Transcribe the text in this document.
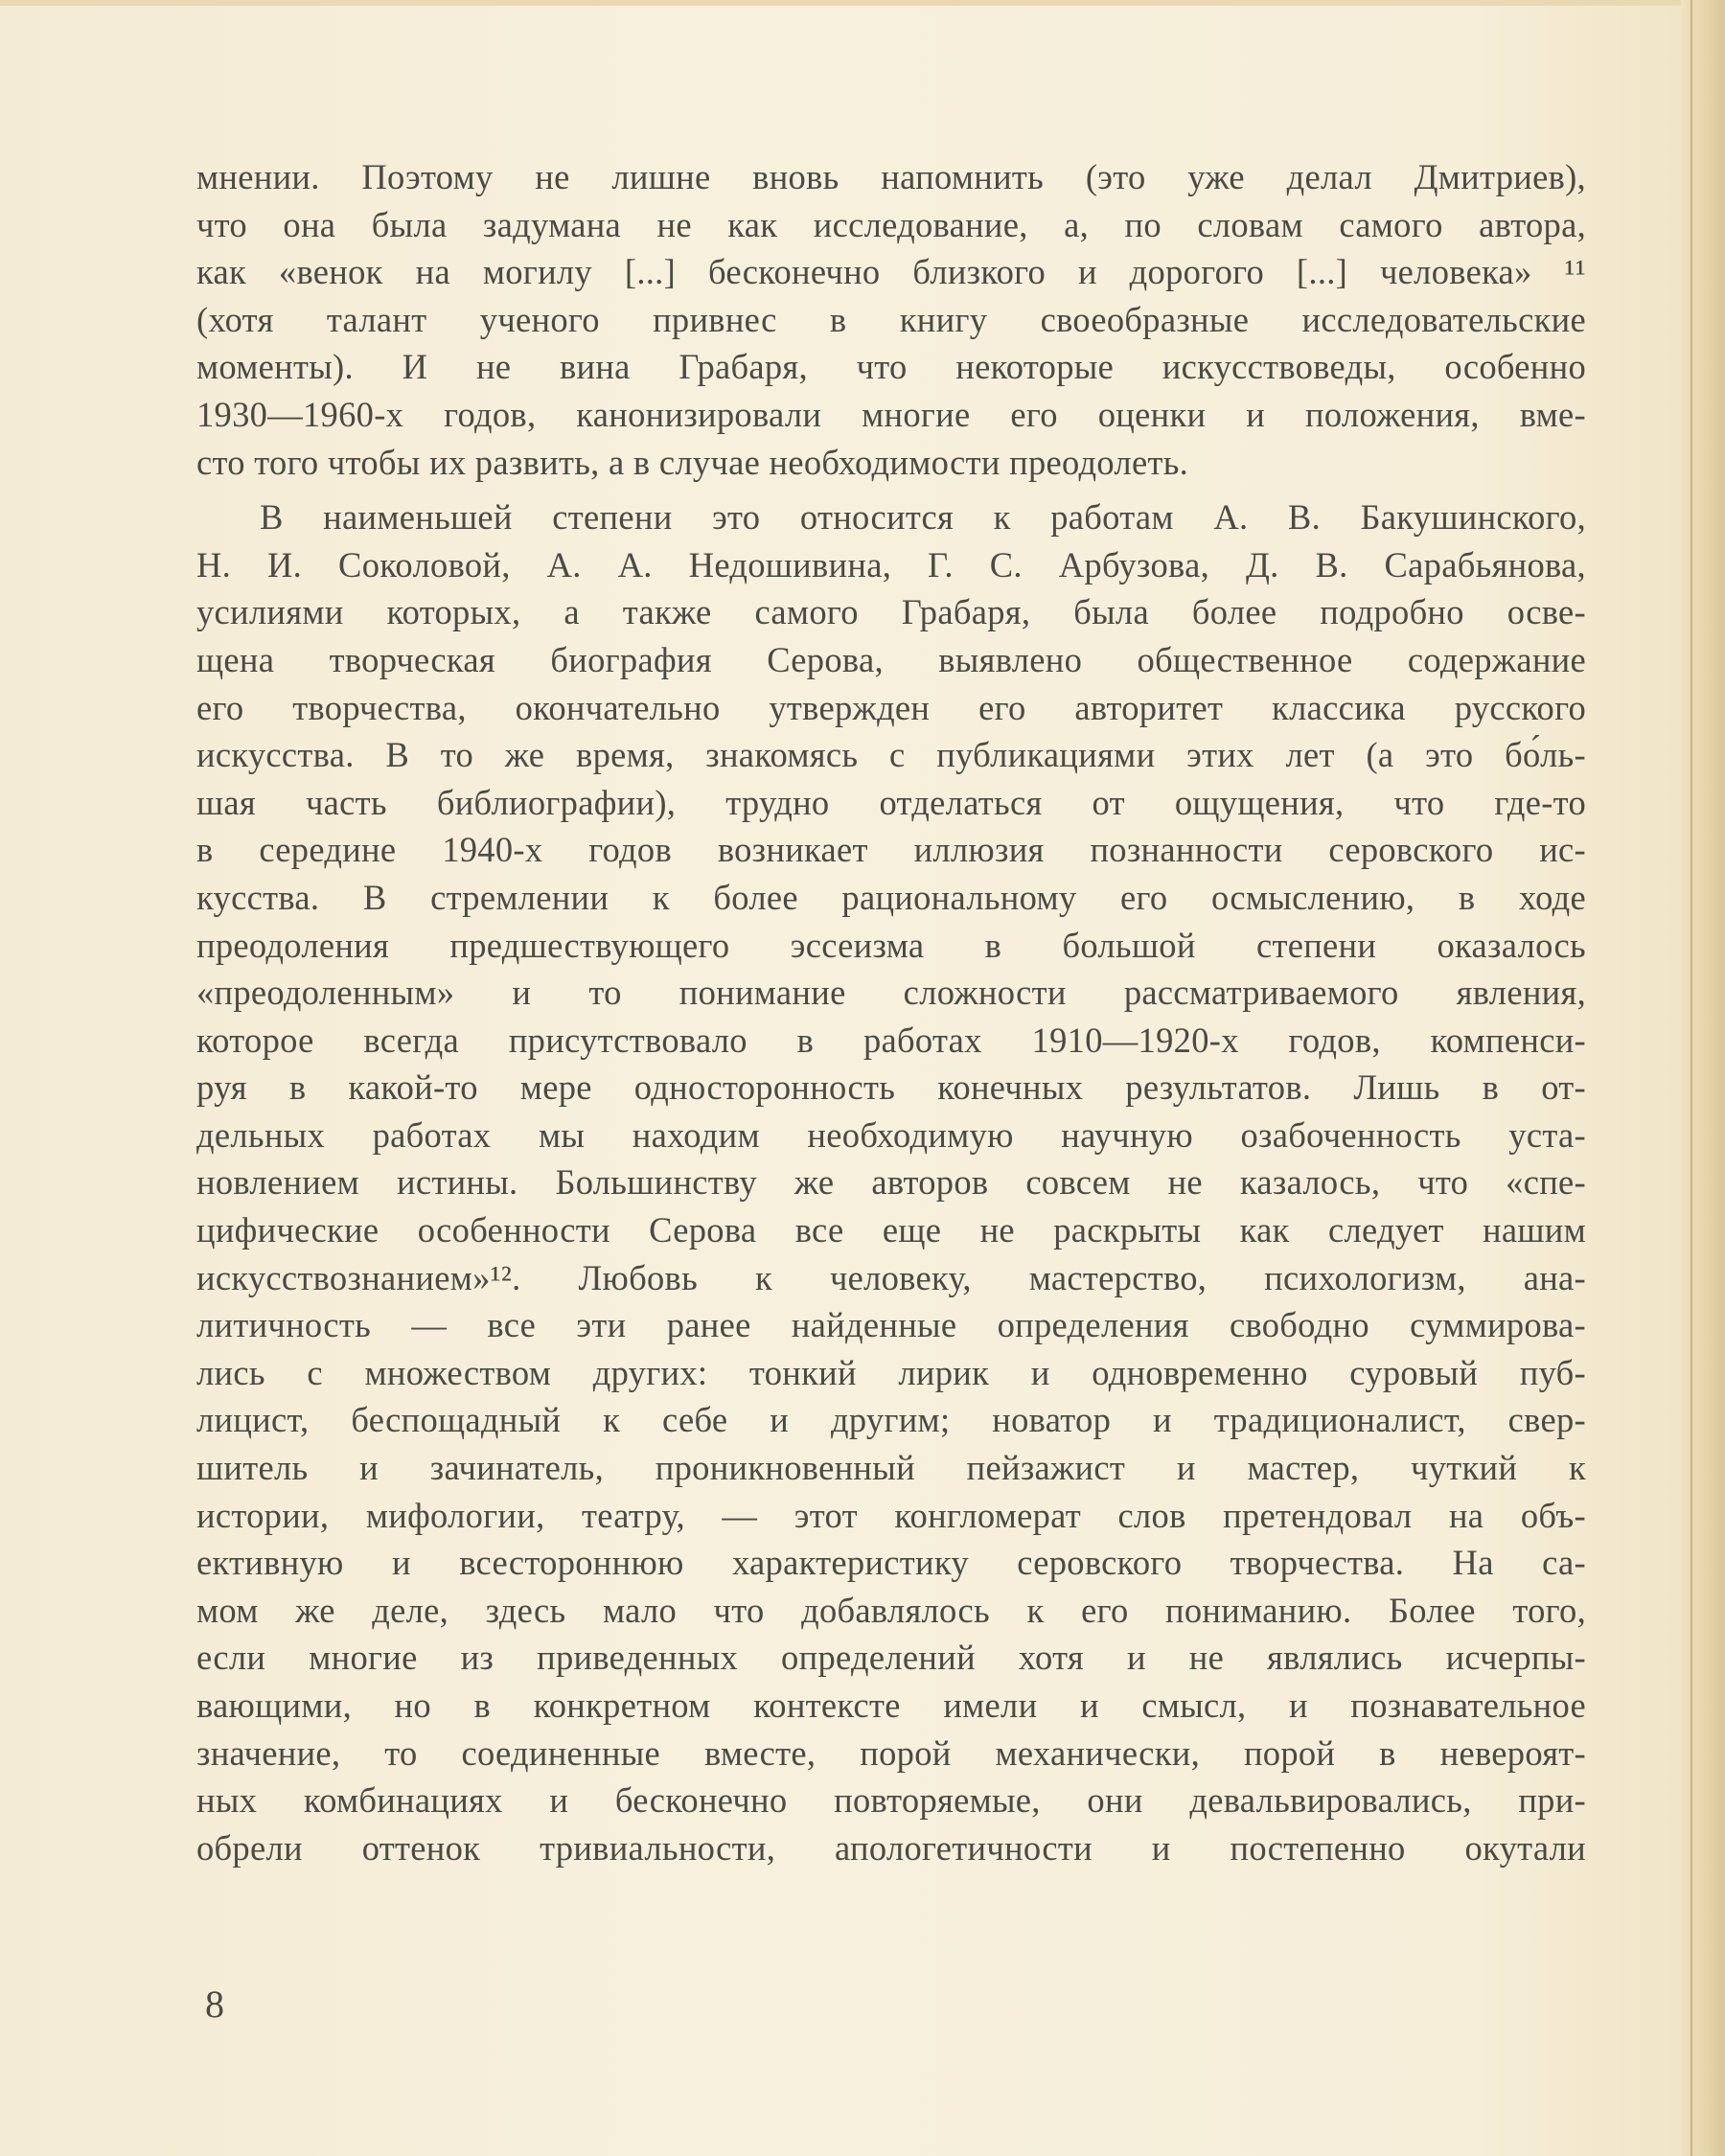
мнении. Поэтому не лишне вновь напомнить (это уже делал Дмитриев),
что она была задумана не как исследование, а, по словам самого автора,
как «венок на могилу [...] бесконечно близкого и дорогого [...] человека» ¹¹
(хотя талант ученого привнес в книгу своеобразные исследовательские
моменты). И не вина Грабаря, что некоторые искусствоведы, особенно
1930—1960-х годов, канонизировали многие его оценки и положения, вме-
сто того чтобы их развить, а в случае необходимости преодолеть.
В наименьшей степени это относится к работам А. В. Бакушинского,
Н. И. Соколовой, А. А. Недошивина, Г. С. Арбузова, Д. В. Сарабьянова,
усилиями которых, а также самого Грабаря, была более подробно осве-
щена творческая биография Серова, выявлено общественное содержание
его творчества, окончательно утвержден его авторитет классика русского
искусства. В то же время, знакомясь с публикациями этих лет (а это бо́ль-
шая часть библиографии), трудно отделаться от ощущения, что где-то
в середине 1940-х годов возникает иллюзия познанности серовского ис-
кусства. В стремлении к более рациональному его осмыслению, в ходе
преодоления предшествующего эссеизма в большой степени оказалось
«преодоленным» и то понимание сложности рассматриваемого явления,
которое всегда присутствовало в работах 1910—1920-х годов, компенси-
руя в какой-то мере односторонность конечных результатов. Лишь в от-
дельных работах мы находим необходимую научную озабоченность уста-
новлением истины. Большинству же авторов совсем не казалось, что «спе-
цифические особенности Серова все еще не раскрыты как следует нашим
искусствознанием»¹². Любовь к человеку, мастерство, психологизм, ана-
литичность — все эти ранее найденные определения свободно суммирова-
лись с множеством других: тонкий лирик и одновременно суровый пуб-
лицист, беспощадный к себе и другим; новатор и традиционалист, свер-
шитель и зачинатель, проникновенный пейзажист и мастер, чуткий к
истории, мифологии, театру, — этот конгломерат слов претендовал на объ-
ективную и всестороннюю характеристику серовского творчества. На са-
мом же деле, здесь мало что добавлялось к его пониманию. Более того,
если многие из приведенных определений хотя и не являлись исчерпы-
вающими, но в конкретном контексте имели и смысл, и познавательное
значение, то соединенные вместе, порой механически, порой в невероят-
ных комбинациях и бесконечно повторяемые, они девальвировались, при-
обрели оттенок тривиальности, апологетичности и постепенно окутали
8
